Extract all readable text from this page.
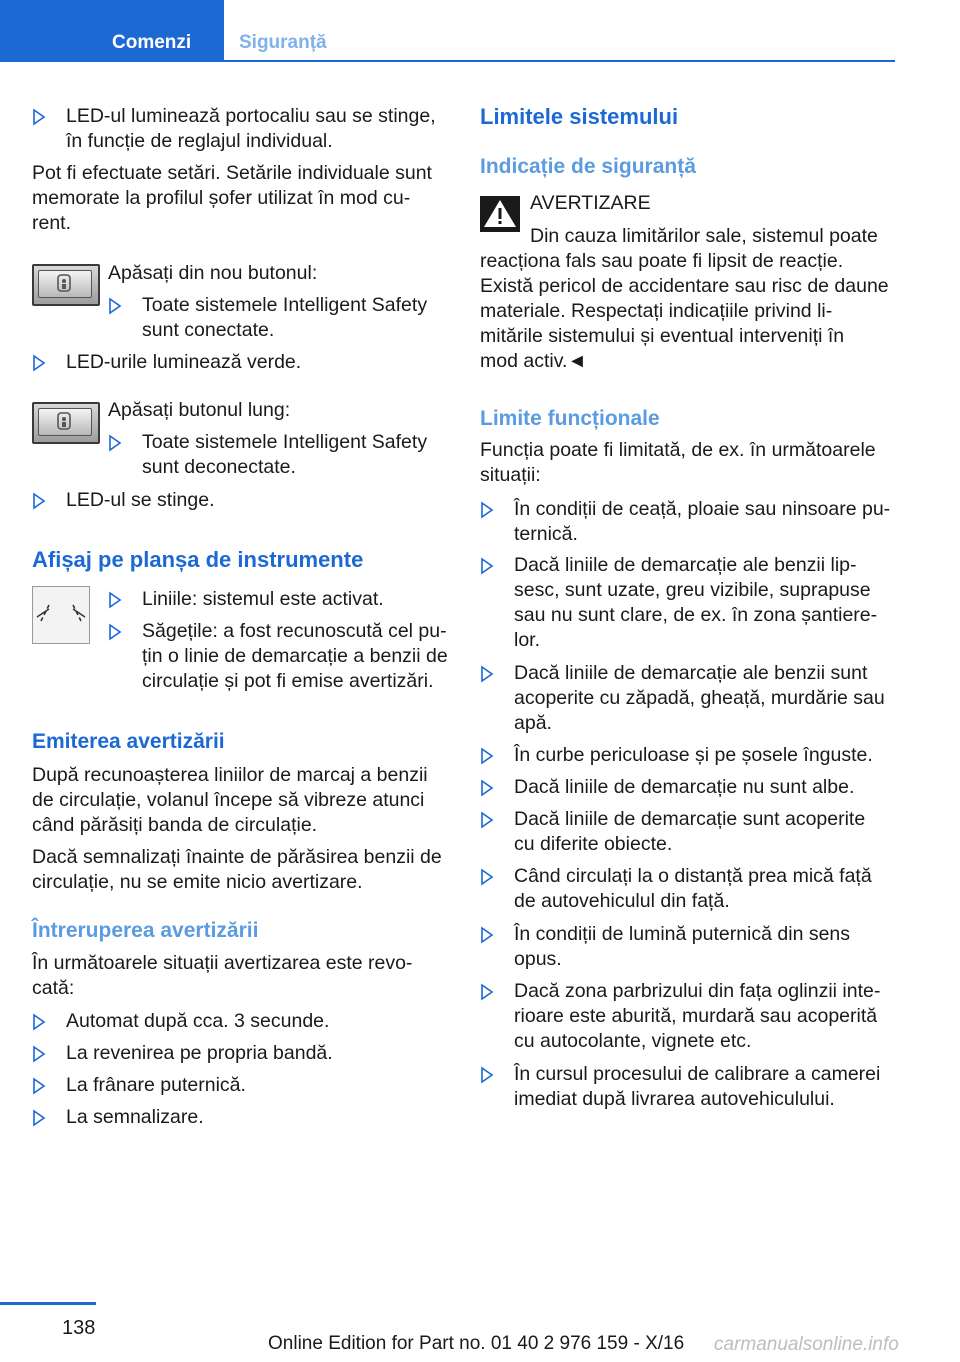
Comenzi	Siguranță
LED-ul luminează portocaliu sau se stinge,
în funcție de reglajul individual.
Pot fi efectuate setări. Setările individuale sunt
memorate la profilul șofer utilizat în mod cu-
rent.
Apăsați din nou butonul:
Toate sistemele Intelligent Safety
sunt conectate.
LED-urile luminează verde.
Apăsați butonul lung:
Toate sistemele Intelligent Safety
sunt deconectate.
LED-ul se stinge.
Afișaj pe planșa de instrumente
Liniile: sistemul este activat.
Săgețile: a fost recunoscută cel pu-
țin o linie de demarcație a benzii de
circulație și pot fi emise avertizări.
Emiterea avertizării
După recunoașterea liniilor de marcaj a benzii
de circulație, volanul începe să vibreze atunci
când părăsiți banda de circulație.
Dacă semnalizați înainte de părăsirea benzii de
circulație, nu se emite nicio avertizare.
Întreruperea avertizării
În următoarele situații avertizarea este revo-
cată:
Automat după cca. 3 secunde.
La revenirea pe propria bandă.
La frânare puternică.
La semnalizare.
Limitele sistemului
Indicație de siguranță
AVERTIZARE
Din cauza limitărilor sale, sistemul poate
reacționa fals sau poate fi lipsit de reacție.
Există pericol de accidentare sau risc de daune
materiale. Respectați indicațiile privind li-
mitările sistemului și eventual interveniți în
mod activ.◄
Limite funcționale
Funcția poate fi limitată, de ex. în următoarele
situații:
În condiții de ceață, ploaie sau ninsoare pu-
ternică.
Dacă liniile de demarcație ale benzii lip-
sesc, sunt uzate, greu vizibile, suprapuse
sau nu sunt clare, de ex. în zona șantiere-
lor.
Dacă liniile de demarcație ale benzii sunt
acoperite cu zăpadă, gheață, murdărie sau
apă.
În curbe periculoase și pe șosele înguste.
Dacă liniile de demarcație nu sunt albe.
Dacă liniile de demarcație sunt acoperite
cu diferite obiecte.
Când circulați la o distanță prea mică față
de autovehiculul din față.
În condiții de lumină puternică din sens
opus.
Dacă zona parbrizului din fața oglinzii inte-
rioare este aburită, murdară sau acoperită
cu autocolante, vignete etc.
În cursul procesului de calibrare a camerei
imediat după livrarea autovehiculului.
138
Online Edition for Part no. 01 40 2 976 159 - X/16 carmanualsonline.info
